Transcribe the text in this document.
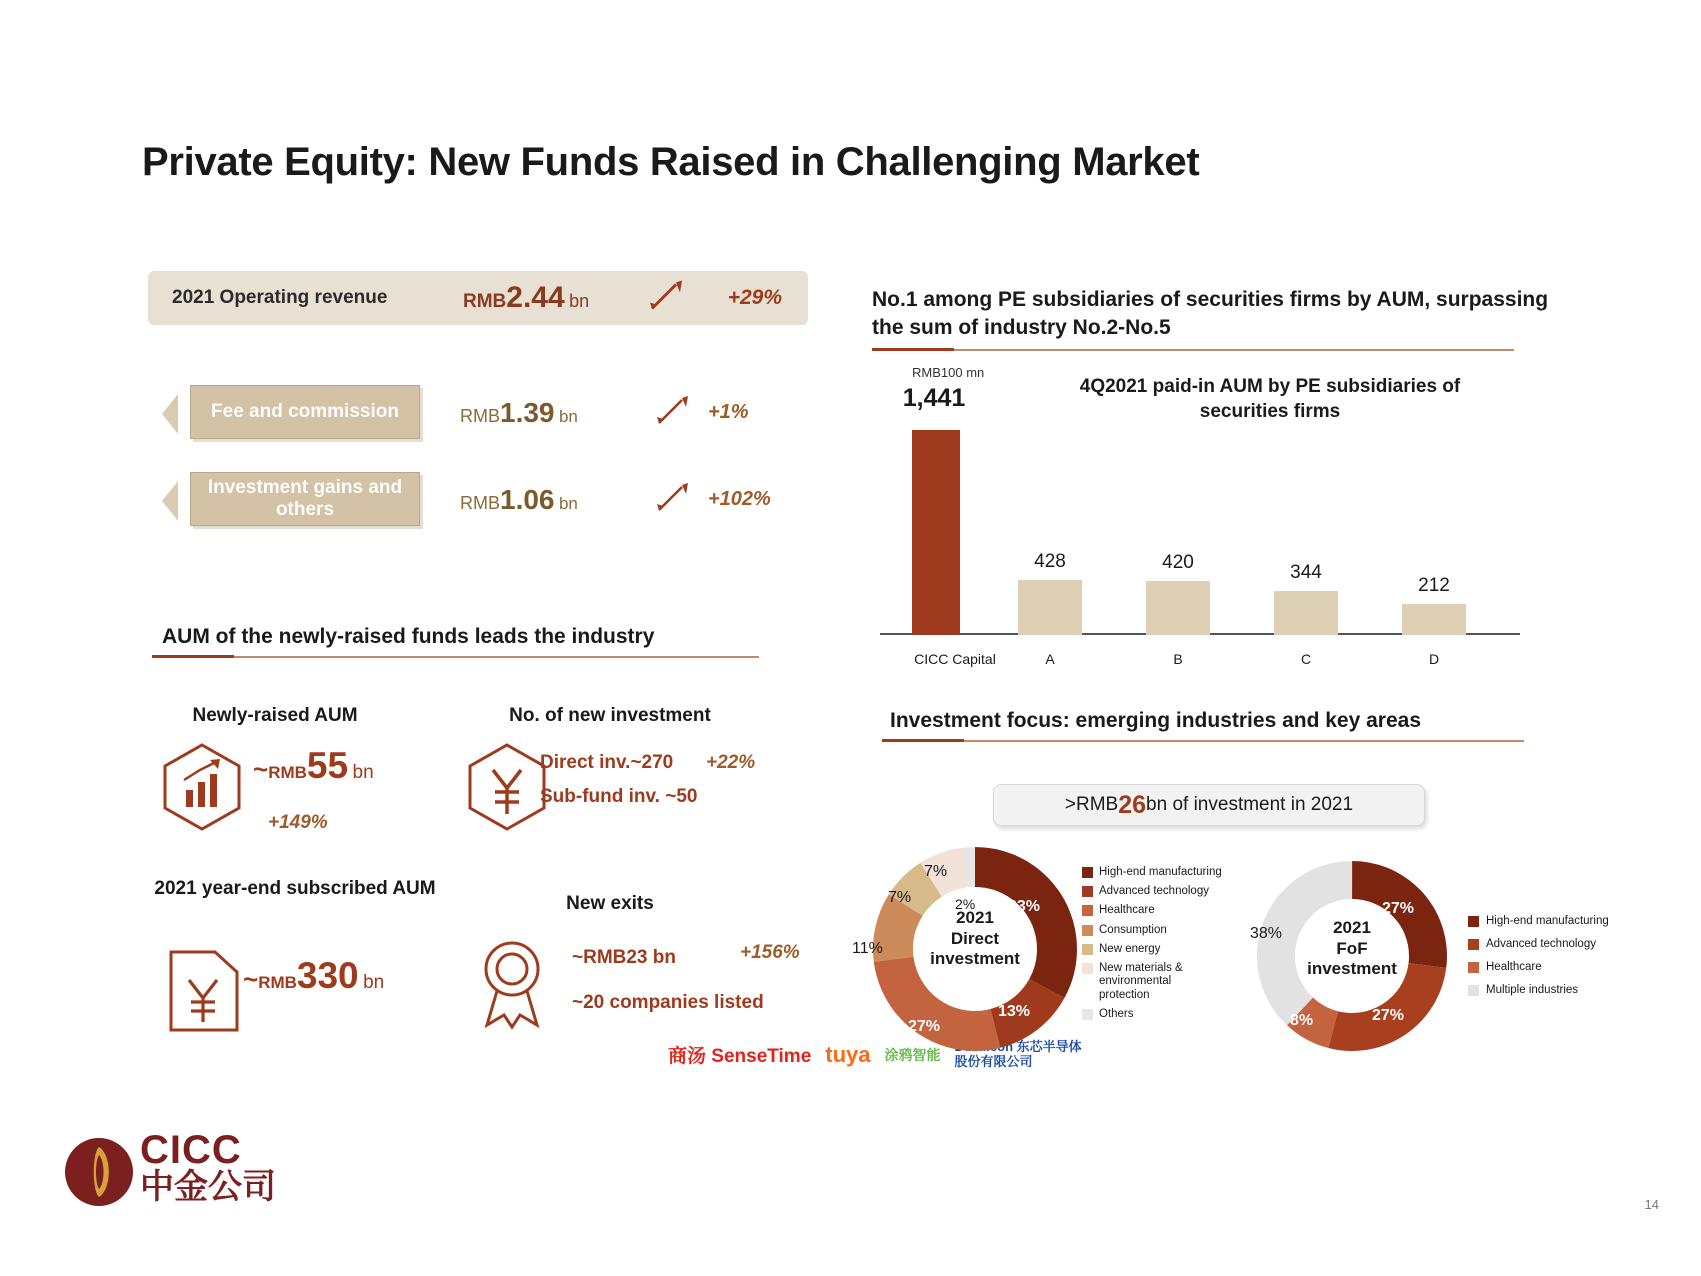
Private Equity: New Funds Raised in Challenging Market
2021 Operating revenue	RMB2.44 bn	+29%
Fee and commission	RMB1.39 bn	+1%
Investment gains and others	RMB1.06 bn	+102%
AUM of the newly-raised funds leads the industry
Newly-raised AUM	No. of new investment
~RMB55 bn
+149%
Direct inv.~270 +22%
Sub-fund inv. ~50
2021 year-end subscribed AUM
New exits
~RMB330 bn
~RMB23 bn	+156%
~20 companies listed
商汤 SenseTime tuya 涂鸦智能
Dosilicon 东芯半导体股份有限公司
No.1 among PE subsidiaries of securities firms by AUM, surpassing the sum of industry No.2-No.5
RMB100 mn
4Q2021 paid-in AUM by PE subsidiaries of securities firms
1,441
CICC Capital
428
A
420
B
344
C
212
D
Investment focus: emerging industries and key areas
>RMB 26 bn of investment in 2021
2021
Direct
investment
33%
13%
27%
11%
7%
7%
2%
High-end manufacturing
Advanced technology
Healthcare
Consumption
New energy
New materials & environmental protection
Others
2021
FoF
investment
27%
27%
8%
38%
High-end manufacturing
Advanced technology
Healthcare
Multiple industries
CICC
中金公司	14
